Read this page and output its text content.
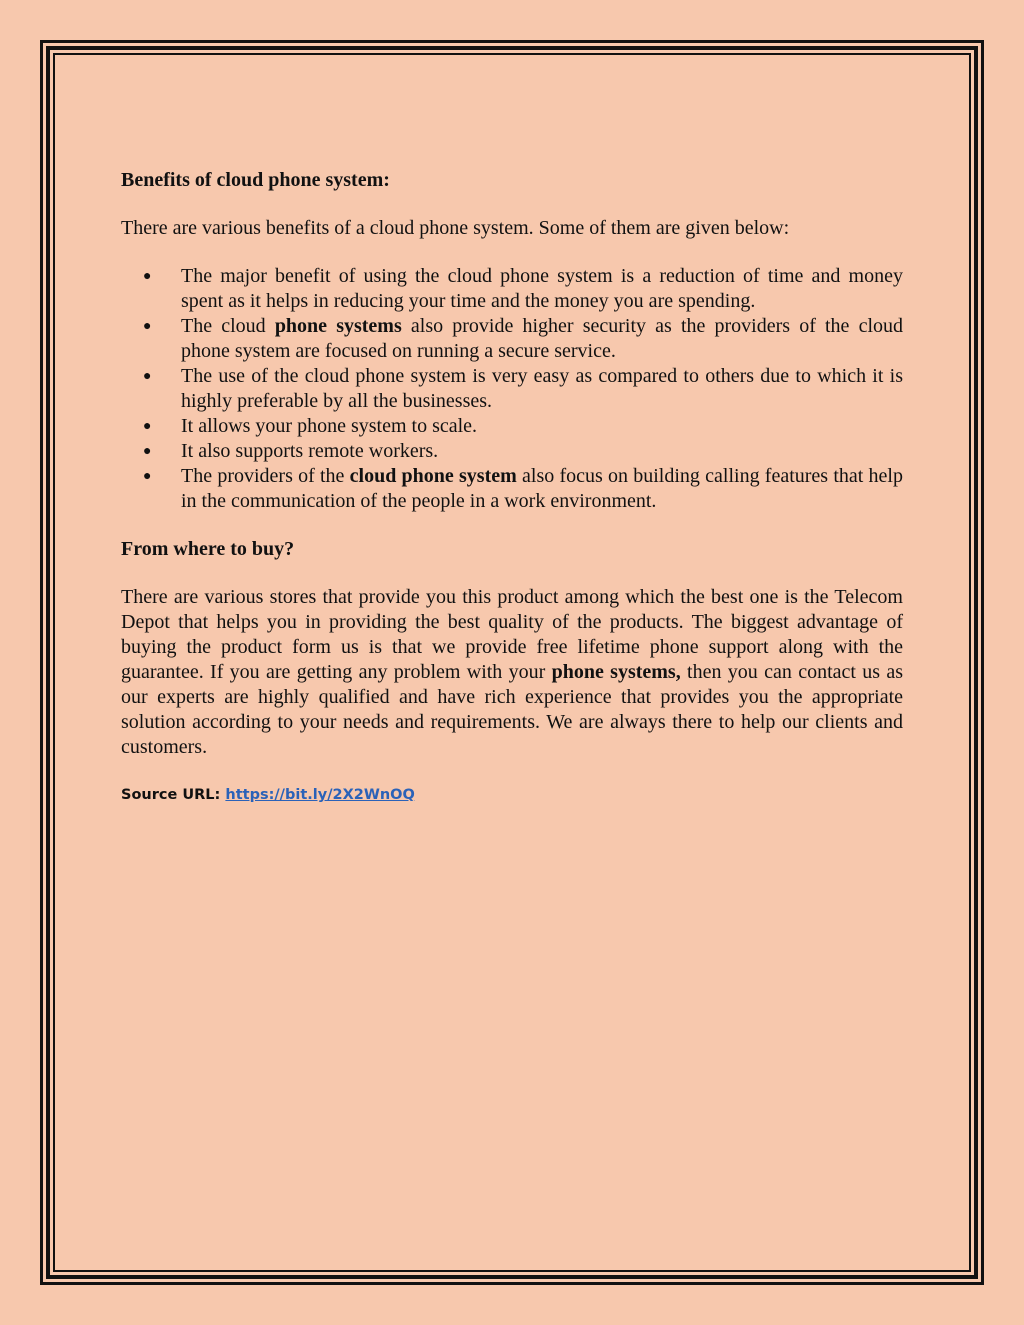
Benefits of cloud phone system:

There are various benefits of a cloud phone system. Some of them are given below:

● The major benefit of using the cloud phone system is a reduction of time and money spent as it helps in reducing your time and the money you are spending.
● The cloud phone systems also provide higher security as the providers of the cloud phone system are focused on running a secure service.
● The use of the cloud phone system is very easy as compared to others due to which it is highly preferable by all the businesses.
● It allows your phone system to scale.
● It also supports remote workers.
● The providers of the cloud phone system also focus on building calling features that help in the communication of the people in a work environment.

From where to buy?

There are various stores that provide you this product among which the best one is the Telecom Depot that helps you in providing the best quality of the products. The biggest advantage of buying the product form us is that we provide free lifetime phone support along with the guarantee. If you are getting any problem with your phone systems, then you can contact us as our experts are highly qualified and have rich experience that provides you the appropriate solution according to your needs and requirements. We are always there to help our clients and customers.

Source URL: https://bit.ly/2X2WnOQ
